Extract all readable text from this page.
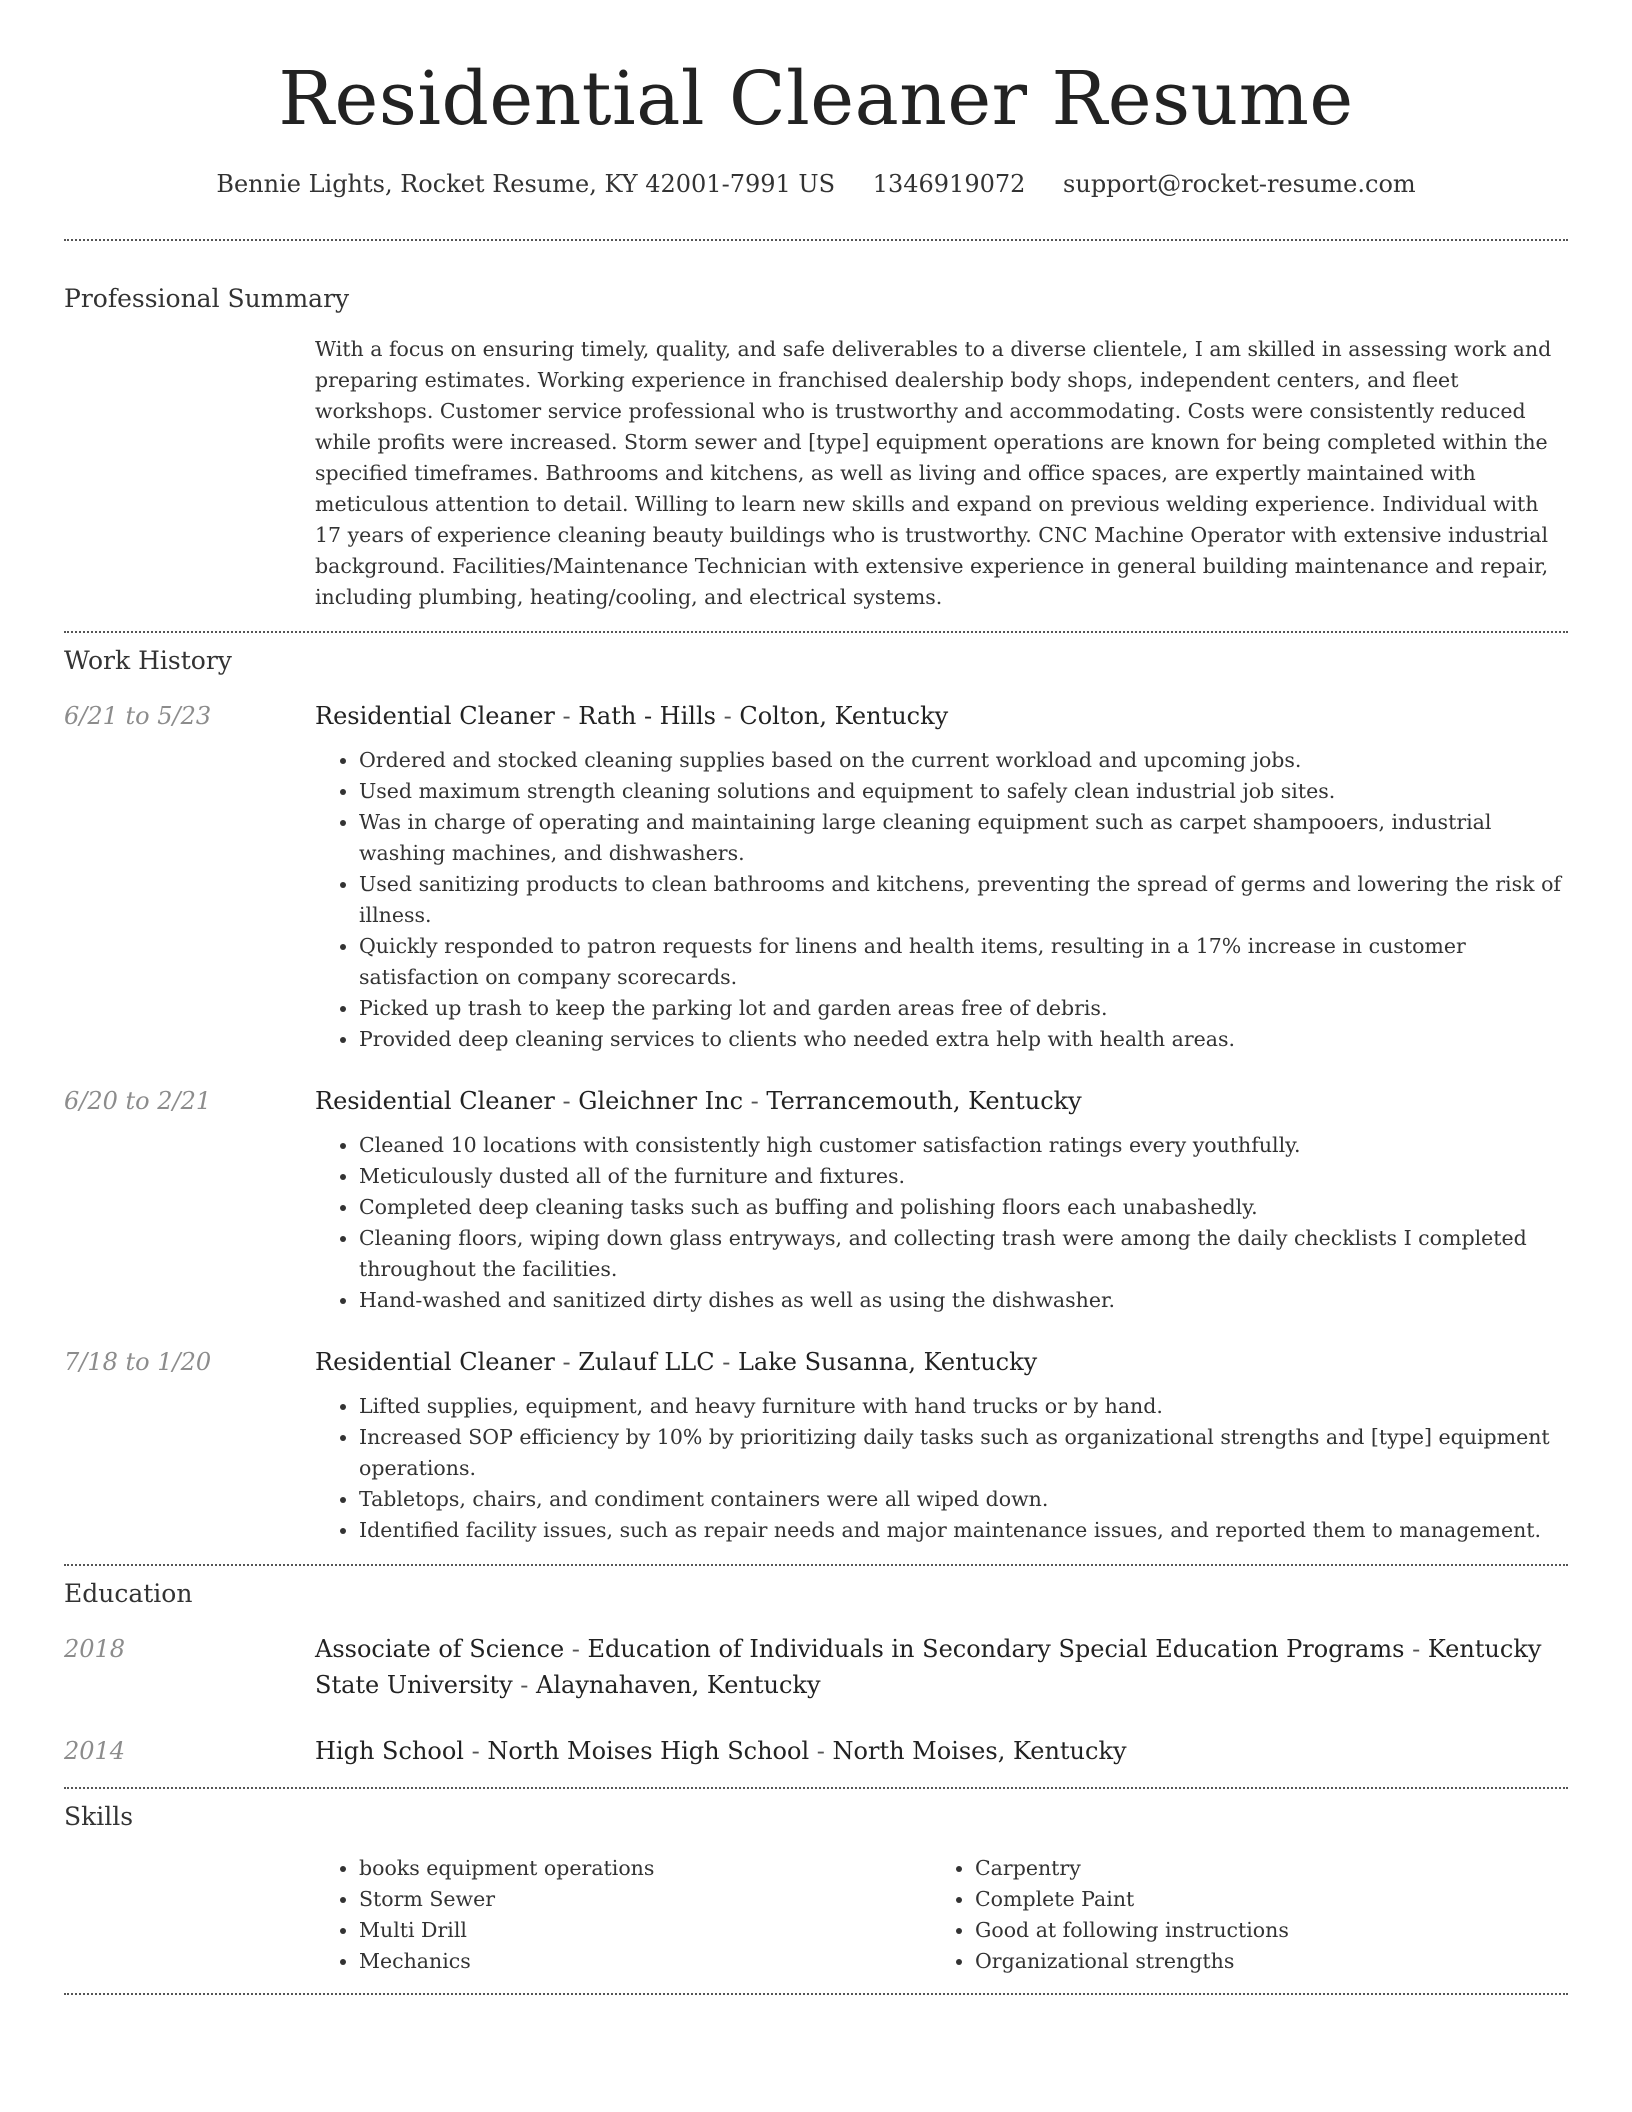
Residential Cleaner Resume
Bennie Lights, Rocket Resume, KY 42001-7991 US 1346919072 support@rocket-resume.com
Professional Summary

With a focus on ensuring timely, quality, and safe deliverables to a diverse clientele, I am skilled in assessing work and preparing estimates. Working experience in franchised dealership body shops, independent centers, and fleet workshops. Customer service professional who is trustworthy and accommodating. Costs were consistently reduced while profits were increased. Storm sewer and [type] equipment operations are known for being completed within the specified timeframes. Bathrooms and kitchens, as well as living and office spaces, are expertly maintained with meticulous attention to detail. Willing to learn new skills and expand on previous welding experience. Individual with 17 years of experience cleaning beauty buildings who is trustworthy. CNC Machine Operator with extensive industrial background. Facilities/Maintenance Technician with extensive experience in general building maintenance and repair, including plumbing, heating/cooling, and electrical systems.

Work History
6/21 to 5/23	Residential Cleaner - Rath - Hills - Colton, Kentucky
• Ordered and stocked cleaning supplies based on the current workload and upcoming jobs.
• Used maximum strength cleaning solutions and equipment to safely clean industrial job sites.
• Was in charge of operating and maintaining large cleaning equipment such as carpet shampooers, industrial washing machines, and dishwashers.
• Used sanitizing products to clean bathrooms and kitchens, preventing the spread of germs and lowering the risk of illness.
• Quickly responded to patron requests for linens and health items, resulting in a 17% increase in customer satisfaction on company scorecards.
• Picked up trash to keep the parking lot and garden areas free of debris.
• Provided deep cleaning services to clients who needed extra help with health areas.
6/20 to 2/21	Residential Cleaner - Gleichner Inc - Terrancemouth, Kentucky
• Cleaned 10 locations with consistently high customer satisfaction ratings every youthfully.
• Meticulously dusted all of the furniture and fixtures.
• Completed deep cleaning tasks such as buffing and polishing floors each unabashedly.
• Cleaning floors, wiping down glass entryways, and collecting trash were among the daily checklists I completed throughout the facilities.
• Hand-washed and sanitized dirty dishes as well as using the dishwasher.
7/18 to 1/20	Residential Cleaner - Zulauf LLC - Lake Susanna, Kentucky
• Lifted supplies, equipment, and heavy furniture with hand trucks or by hand.
• Increased SOP efficiency by 10% by prioritizing daily tasks such as organizational strengths and [type] equipment operations.
• Tabletops, chairs, and condiment containers were all wiped down.
• Identified facility issues, such as repair needs and major maintenance issues, and reported them to management.
Education
2018	Associate of Science - Education of Individuals in Secondary Special Education Programs - Kentucky State University - Alaynahaven, Kentucky
2014	High School - North Moises High School - North Moises, Kentucky
Skills
• books equipment operations
• Storm Sewer
• Multi Drill
• Mechanics
• Carpentry
• Complete Paint
• Good at following instructions
• Organizational strengths
